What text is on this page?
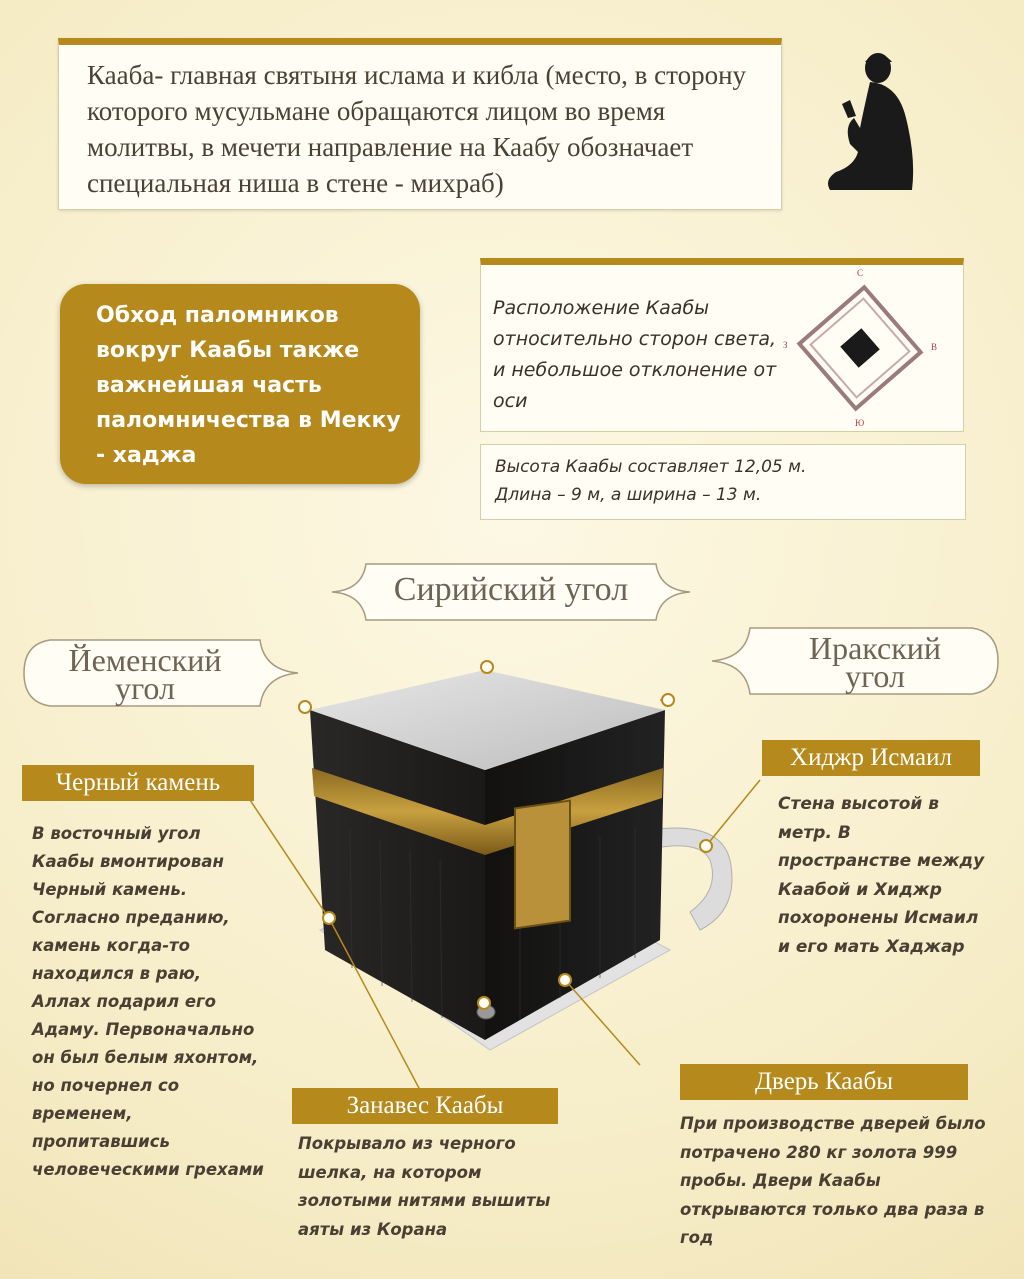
Кааба- главная святыня ислама и кибла (место, в сторону которого мусульмане обращаются лицом во время молитвы, в мечети направление на Каабу обозначает специальная ниша в стене - михраб)

Обход паломников вокруг Каабы также важнейшая часть паломничества в Мекку - хаджа

Расположение Каабы относительно сторон света, и небольшое отклонение от оси

С
Ю
З	В

Высота Каабы составляет 12,05 м.
Длина – 9 м, а ширина – 13 м.

Сирийский угол
Йеменский
угол
Иракский
угол
Черный камень

В восточный угол Каабы вмонтирован Черный камень. Согласно преданию, камень когда-то находился в раю, Аллах подарил его Адаму. Первоначально он был белым яхонтом, но почернел со временем, пропитавшись человеческими грехами

Хиджр Исмаил

Стена высотой в метр. В пространстве между Каабой и Хиджр похоронены Исмаил и его мать Хаджар

Занавес Каабы

Покрывало из черного шелка, на котором золотыми нитями вышиты аяты из Корана

Дверь Каабы

При производстве дверей было потрачено 280 кг золота 999 пробы. Двери Каабы открываются только два раза в год
